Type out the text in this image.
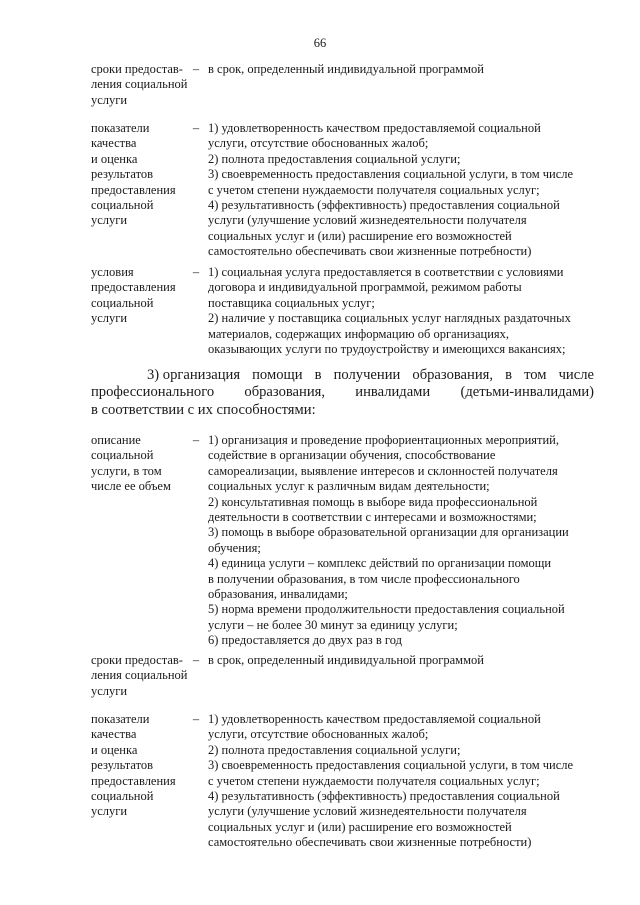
66
сроки предостав-
ления социальной
услуги
– в срок, определенный индивидуальной программой
показатели
качества
и оценка
результатов
предоставления
социальной
услуги
– 1) удовлетворенность качеством предоставляемой социальной
услуги, отсутствие обоснованных жалоб;
2) полнота предоставления социальной услуги;
3) своевременность предоставления социальной услуги, в том числе
с учетом степени нуждаемости получателя социальных услуг;
4) результативность (эффективность) предоставления социальной
услуги (улучшение условий жизнедеятельности получателя
социальных услуг и (или) расширение его возможностей
самостоятельно обеспечивать свои жизненные потребности)
условия
предоставления
социальной
услуги
– 1) социальная услуга предоставляется в соответствии с условиями
договора и индивидуальной программой, режимом работы
поставщика социальных услуг;
2) наличие у поставщика социальных услуг наглядных раздаточных
материалов, содержащих информацию об организациях,
оказывающих услуги по трудоустройству и имеющихся вакансиях;
3) организация помощи в получении образования, в том числе
профессионального образования, инвалидами (детьми-инвалидами)
в соответствии с их способностями:
описание
социальной
услуги, в том
числе ее объем
– 1) организация и проведение профориентационных мероприятий,
содействие в организации обучения, способствование
самореализации, выявление интересов и склонностей получателя
социальных услуг к различным видам деятельности;
2) консультативная помощь в выборе вида профессиональной
деятельности в соответствии с интересами и возможностями;
3) помощь в выборе образовательной организации для организации
обучения;
4) единица услуги – комплекс действий по организации помощи
в получении образования, в том числе профессионального
образования, инвалидами;
5) норма времени продолжительности предоставления социальной
услуги – не более 30 минут за единицу услуги;
6) предоставляется до двух раз в год
сроки предостав-
ления социальной
услуги
– в срок, определенный индивидуальной программой
показатели
качества
и оценка
результатов
предоставления
социальной
услуги
– 1) удовлетворенность качеством предоставляемой социальной
услуги, отсутствие обоснованных жалоб;
2) полнота предоставления социальной услуги;
3) своевременность предоставления социальной услуги, в том числе
с учетом степени нуждаемости получателя социальных услуг;
4) результативность (эффективность) предоставления социальной
услуги (улучшение условий жизнедеятельности получателя
социальных услуг и (или) расширение его возможностей
самостоятельно обеспечивать свои жизненные потребности)
